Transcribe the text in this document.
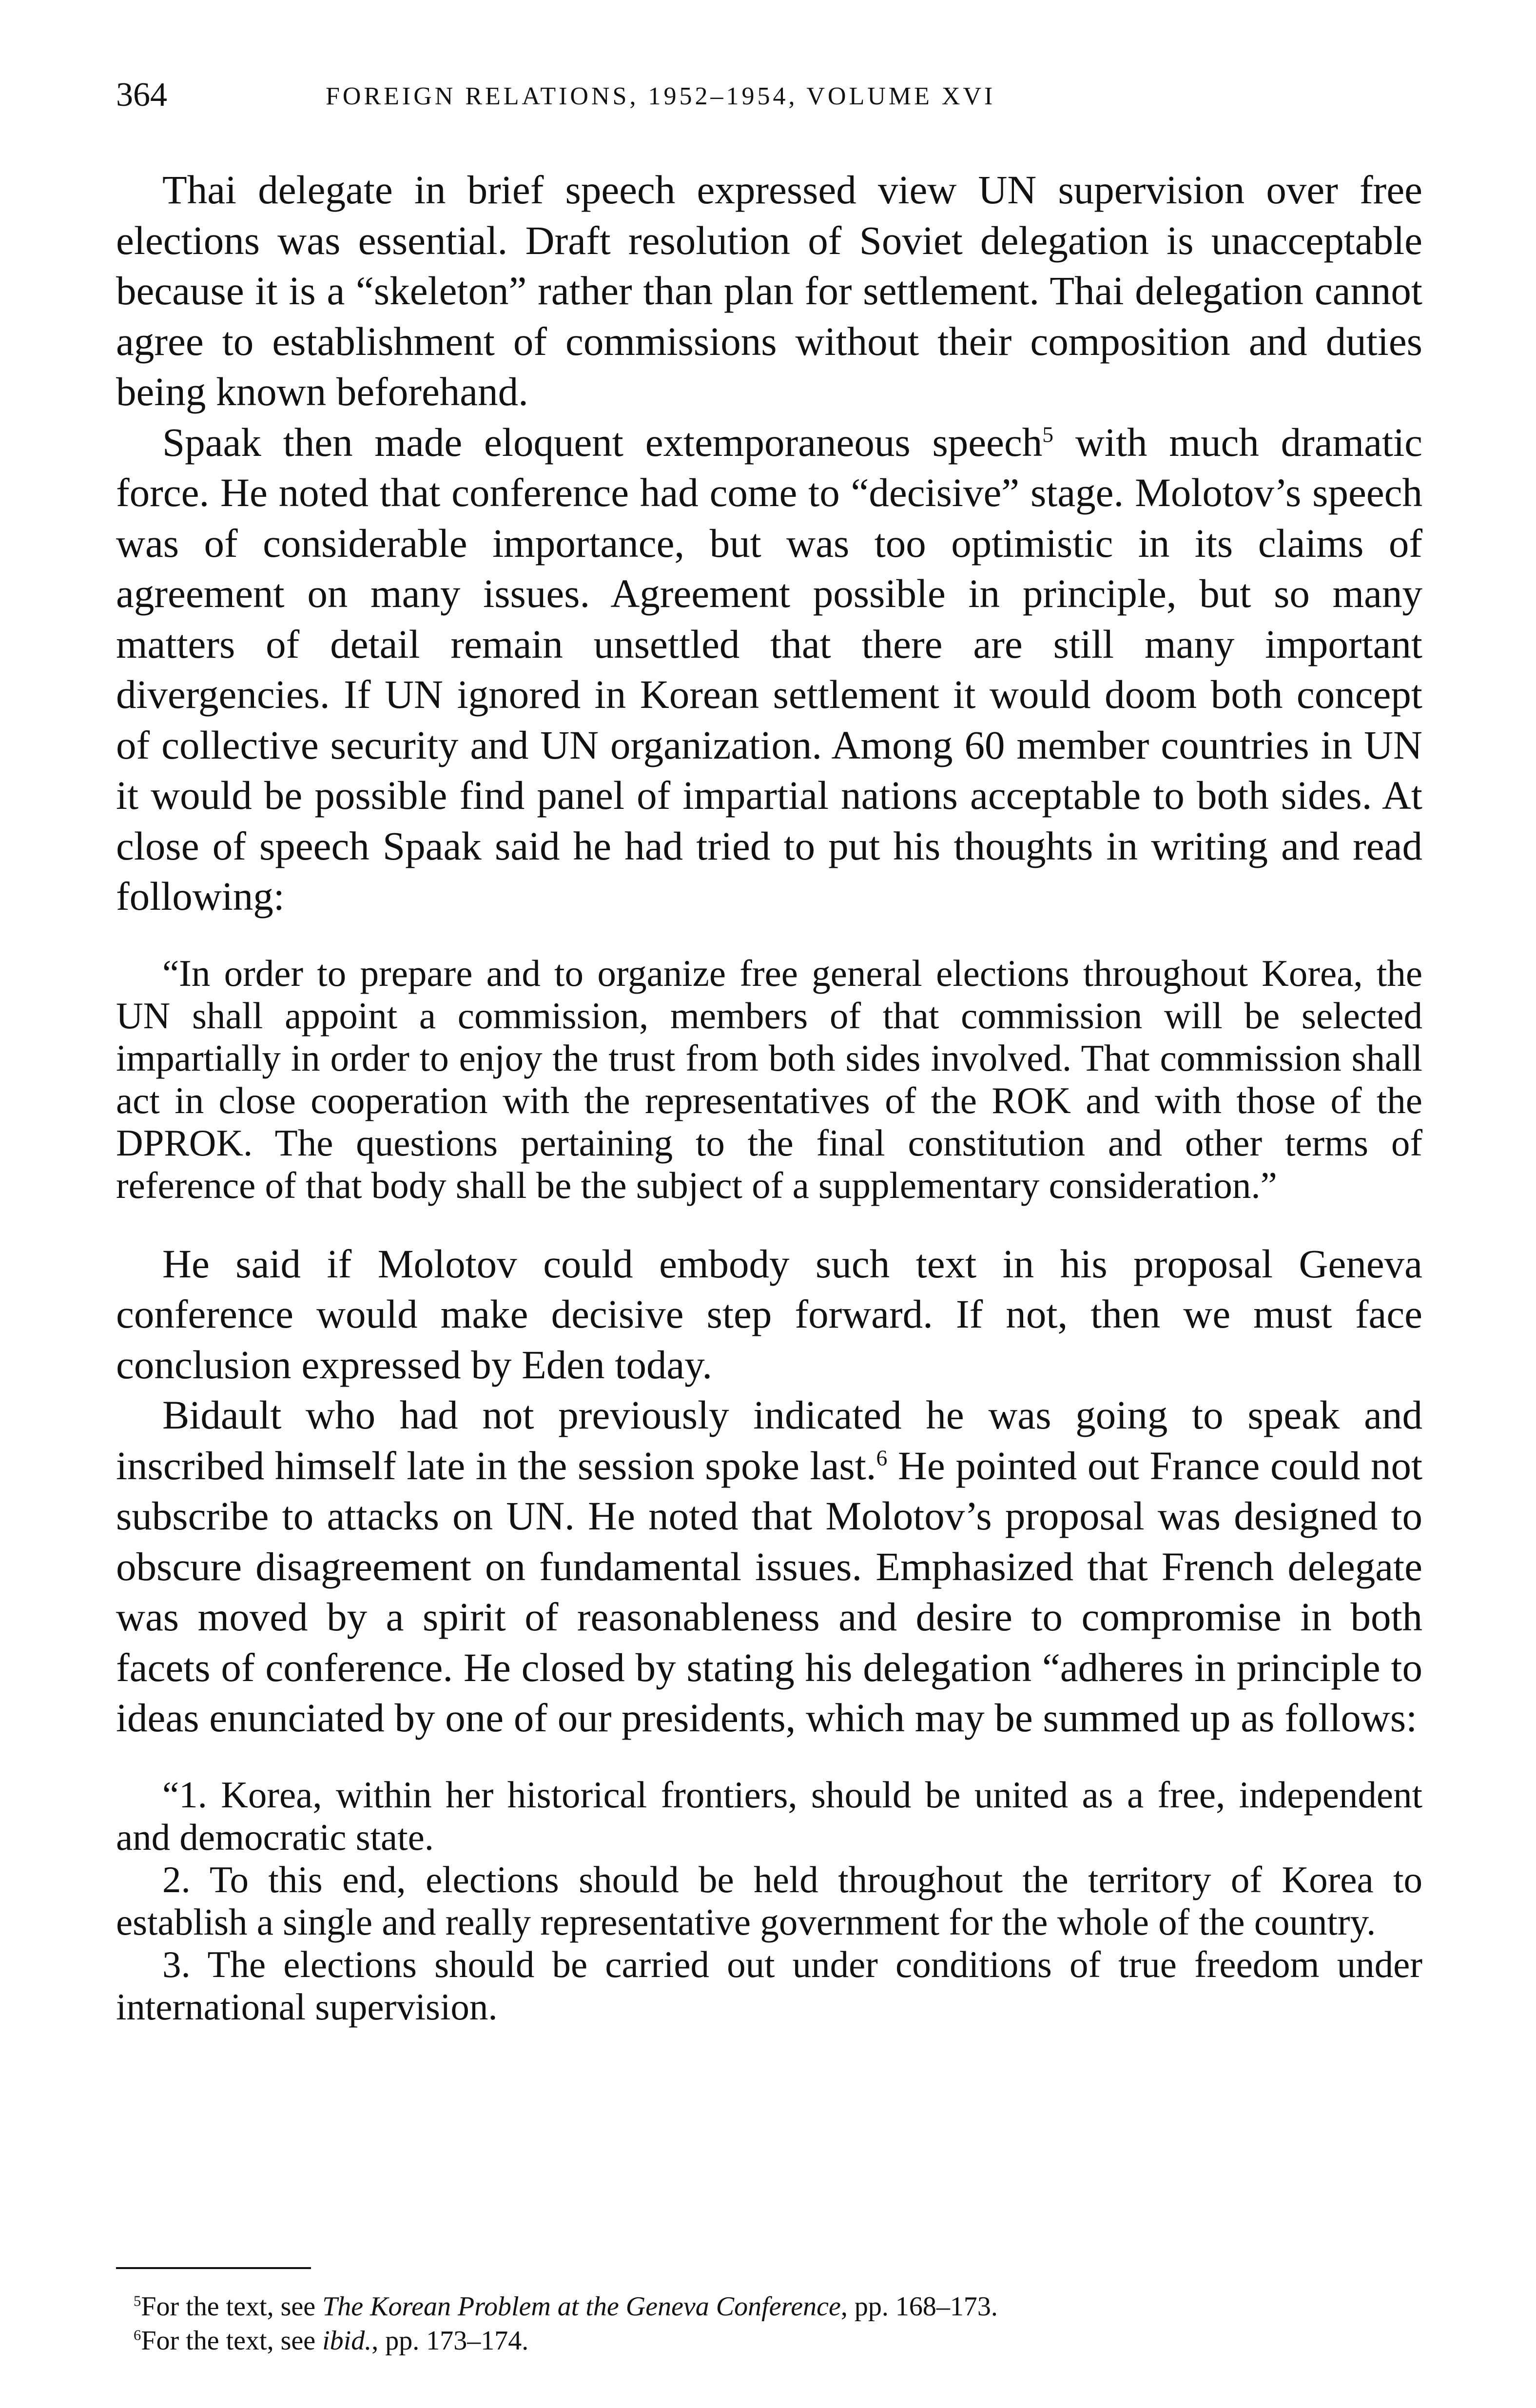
364	FOREIGN RELATIONS, 1952–1954, VOLUME XVI

Thai delegate in brief speech expressed view UN supervision over free elections was essential. Draft resolution of Soviet delegation is unacceptable because it is a “skeleton” rather than plan for settlement. Thai delegation cannot agree to establishment of commissions without their composition and duties being known beforehand.

Spaak then made eloquent extemporaneous speech$^5$ with much dramatic force. He noted that conference had come to “decisive” stage. Molotov’s speech was of considerable importance, but was too optimistic in its claims of agreement on many issues. Agreement possible in principle, but so many matters of detail remain unsettled that there are still many important divergencies. If UN ignored in Korean settlement it would doom both concept of collective security and UN organization. Among 60 member countries in UN it would be possible find panel of impartial nations acceptable to both sides. At close of speech Spaak said he had tried to put his thoughts in writing and read following:

“In order to prepare and to organize free general elections throughout Korea, the UN shall appoint a commission, members of that commission will be selected impartially in order to enjoy the trust from both sides involved. That commission shall act in close cooperation with the representatives of the ROK and with those of the DPROK. The questions pertaining to the final constitution and other terms of reference of that body shall be the subject of a supplementary consideration.”

He said if Molotov could embody such text in his proposal Geneva conference would make decisive step forward. If not, then we must face conclusion expressed by Eden today.

Bidault who had not previously indicated he was going to speak and inscribed himself late in the session spoke last.$^6$ He pointed out France could not subscribe to attacks on UN. He noted that Molotov’s proposal was designed to obscure disagreement on fundamental issues. Emphasized that French delegate was moved by a spirit of reasonableness and desire to compromise in both facets of conference. He closed by stating his delegation “adheres in principle to ideas enunciated by one of our presidents, which may be summed up as follows:

“1. Korea, within her historical frontiers, should be united as a free, independent and democratic state.

2. To this end, elections should be held throughout the territory of Korea to establish a single and really representative government for the whole of the country.

3. The elections should be carried out under conditions of true freedom under international supervision.

$^5$For the text, see The Korean Problem at the Geneva Conference, pp. 168–173.

$^6$For the text, see ibid., pp. 173–174.
